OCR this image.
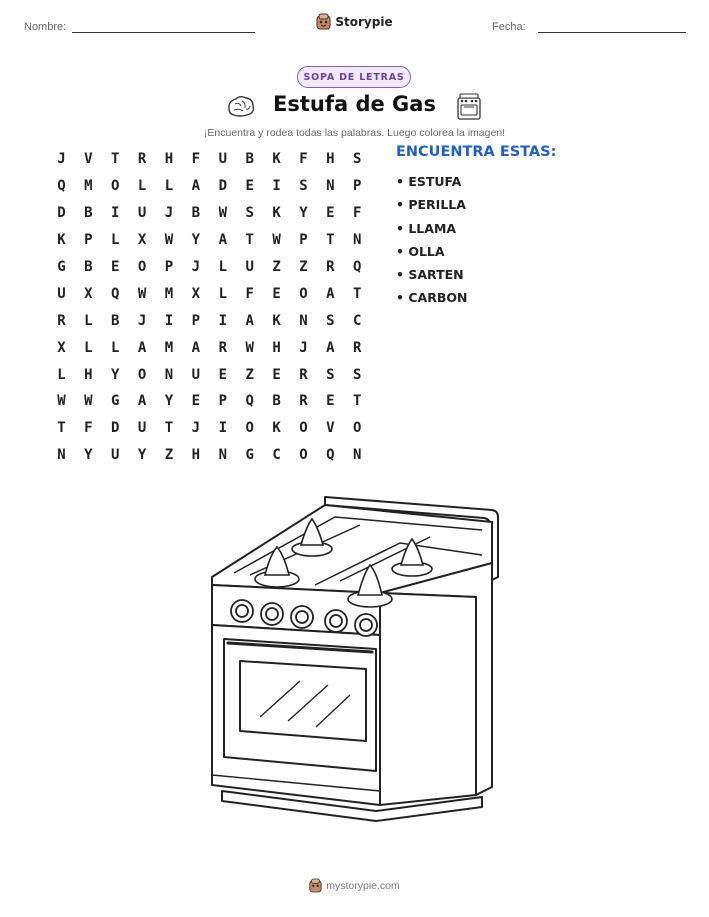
Nombre:	Fecha:
Storypie
SOPA DE LETRAS
Estufa de Gas
¡Encuentra y rodea todas las palabras. Luego colorea la imagen!
J	V	T	R	H	F	U	B	K	F	H	S
Q	M	O	L	L	A	D	E	I	S	N	P
D	B	I	U	J	B	W	S	K	Y	E	F
K	P	L	X	W	Y	A	T	W	P	T	N
G	B	E	O	P	J	L	U	Z	Z	R	Q
U	X	Q	W	M	X	L	F	E	O	A	T
R	L	B	J	I	P	I	A	K	N	S	C
X	L	L	A	M	A	R	W	H	J	A	R
L	H	Y	O	N	U	E	Z	E	R	S	S
W	W	G	A	Y	E	P	Q	B	R	E	T
T	F	D	U	T	J	I	O	K	O	V	O
N	Y	U	Y	Z	H	N	G	C	O	Q	N
ENCUENTRA ESTAS:
• ESTUFA
• PERILLA
• LLAMA
• OLLA
• SARTEN
• CARBON
mystorypie.com
